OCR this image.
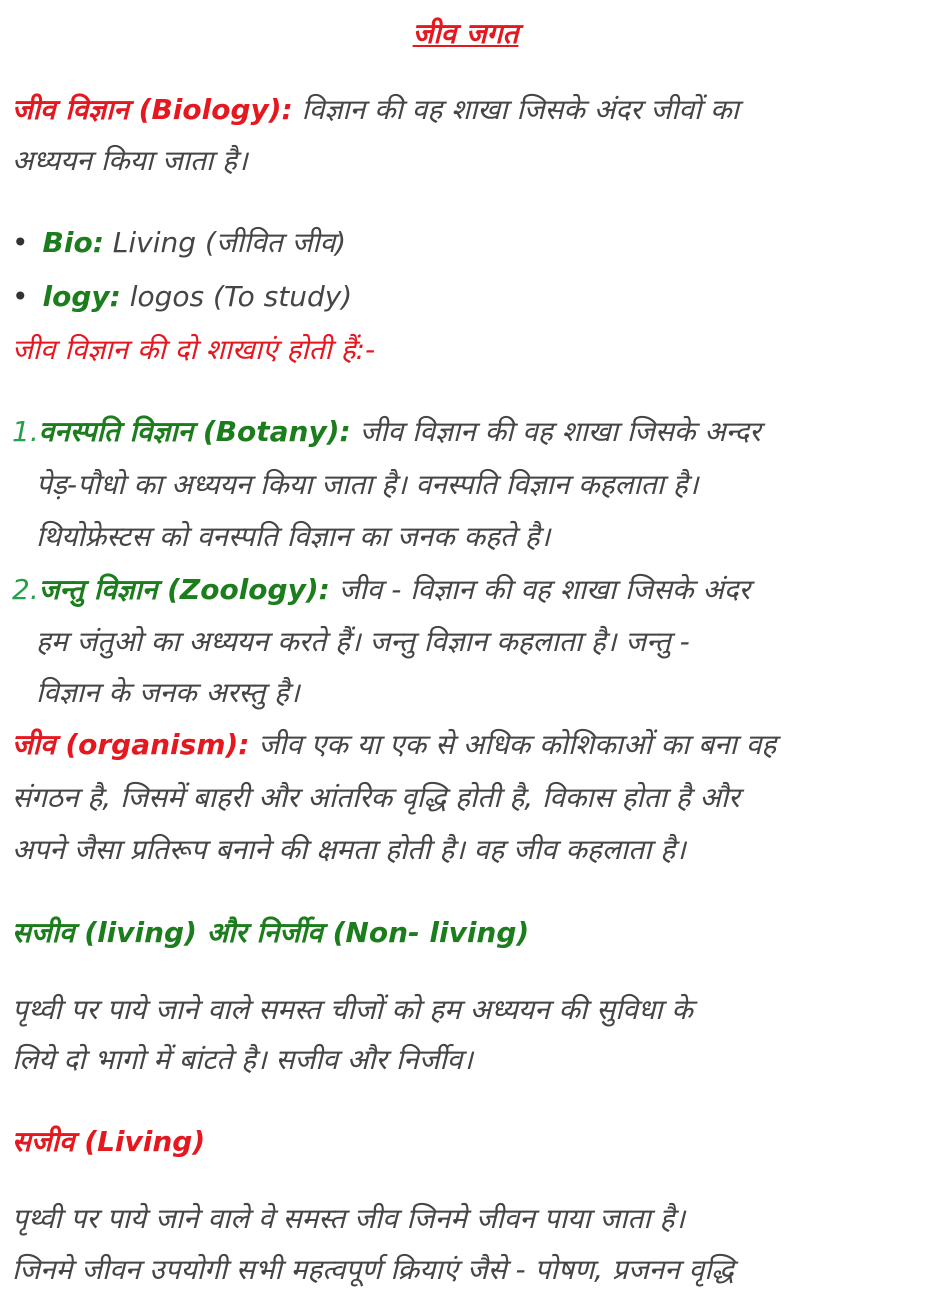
जीव जगत
जीव विज्ञान (Biology): विज्ञान की वह शाखा जिसके अंदर जीवों का
अध्ययन किया जाता है।
• Bio: Living (जीवित जीव)
• logy: logos (To study)
जीव विज्ञान की दो शाखाएं होती हैं:-
1.वनस्पति विज्ञान (Botany): जीव विज्ञान की वह शाखा जिसके अन्दर
पेड़-पौधो का अध्ययन किया जाता है। वनस्पति विज्ञान कहलाता है।
थियोफ्रेस्टस को वनस्पति विज्ञान का जनक कहते है।
2.जन्तु विज्ञान (Zoology): जीव - विज्ञान की वह शाखा जिसके अंदर
हम जंतुओ का अध्ययन करते हैं। जन्तु विज्ञान कहलाता है। जन्तु -
विज्ञान के जनक अरस्तु है।
जीव (organism): जीव एक या एक से अधिक कोशिकाओं का बना वह
संगठन है, जिसमें बाहरी और आंतरिक वृद्धि होती है, विकास होता है और
अपने जैसा प्रतिरूप बनाने की क्षमता होती है। वह जीव कहलाता है।
सजीव (living) और निर्जीव (Non- living)
पृथ्वी पर पाये जाने वाले समस्त चीजों को हम अध्ययन की सुविधा के
लिये दो भागो में बांटते है। सजीव और निर्जीव।
सजीव (Living)
पृथ्वी पर पाये जाने वाले वे समस्त जीव जिनमे जीवन पाया जाता है।
जिनमे जीवन उपयोगी सभी महत्वपूर्ण क्रियाएं जैसे - पोषण, प्रजनन वृद्धि
